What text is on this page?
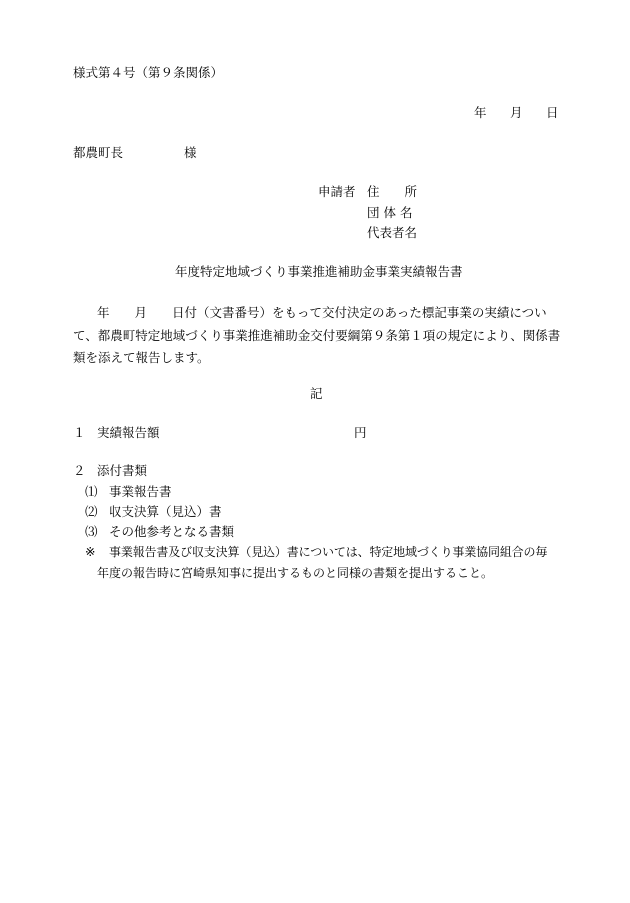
様式第４号（第９条関係）
年 月 日
都農町長	様
申請者 住　　所
団 体 名
代表者名
年度特定地域づくり事業推進補助金事業実績報告書
年　　月　　日付（文書番号）をもって交付決定のあった標記事業の実績について、都農町特定地域づくり事業推進補助金交付要綱第９条第１項の規定により、関係書類を添えて報告します。
記
１ 実績報告額	円
２ 添付書類
⑴ 事業報告書
⑵ 収支決算（見込）書
⑶ その他参考となる書類
※ 事業報告書及び収支決算（見込）書については、特定地域づくり事業協同組合の毎
年度の報告時に宮崎県知事に提出するものと同様の書類を提出すること。
